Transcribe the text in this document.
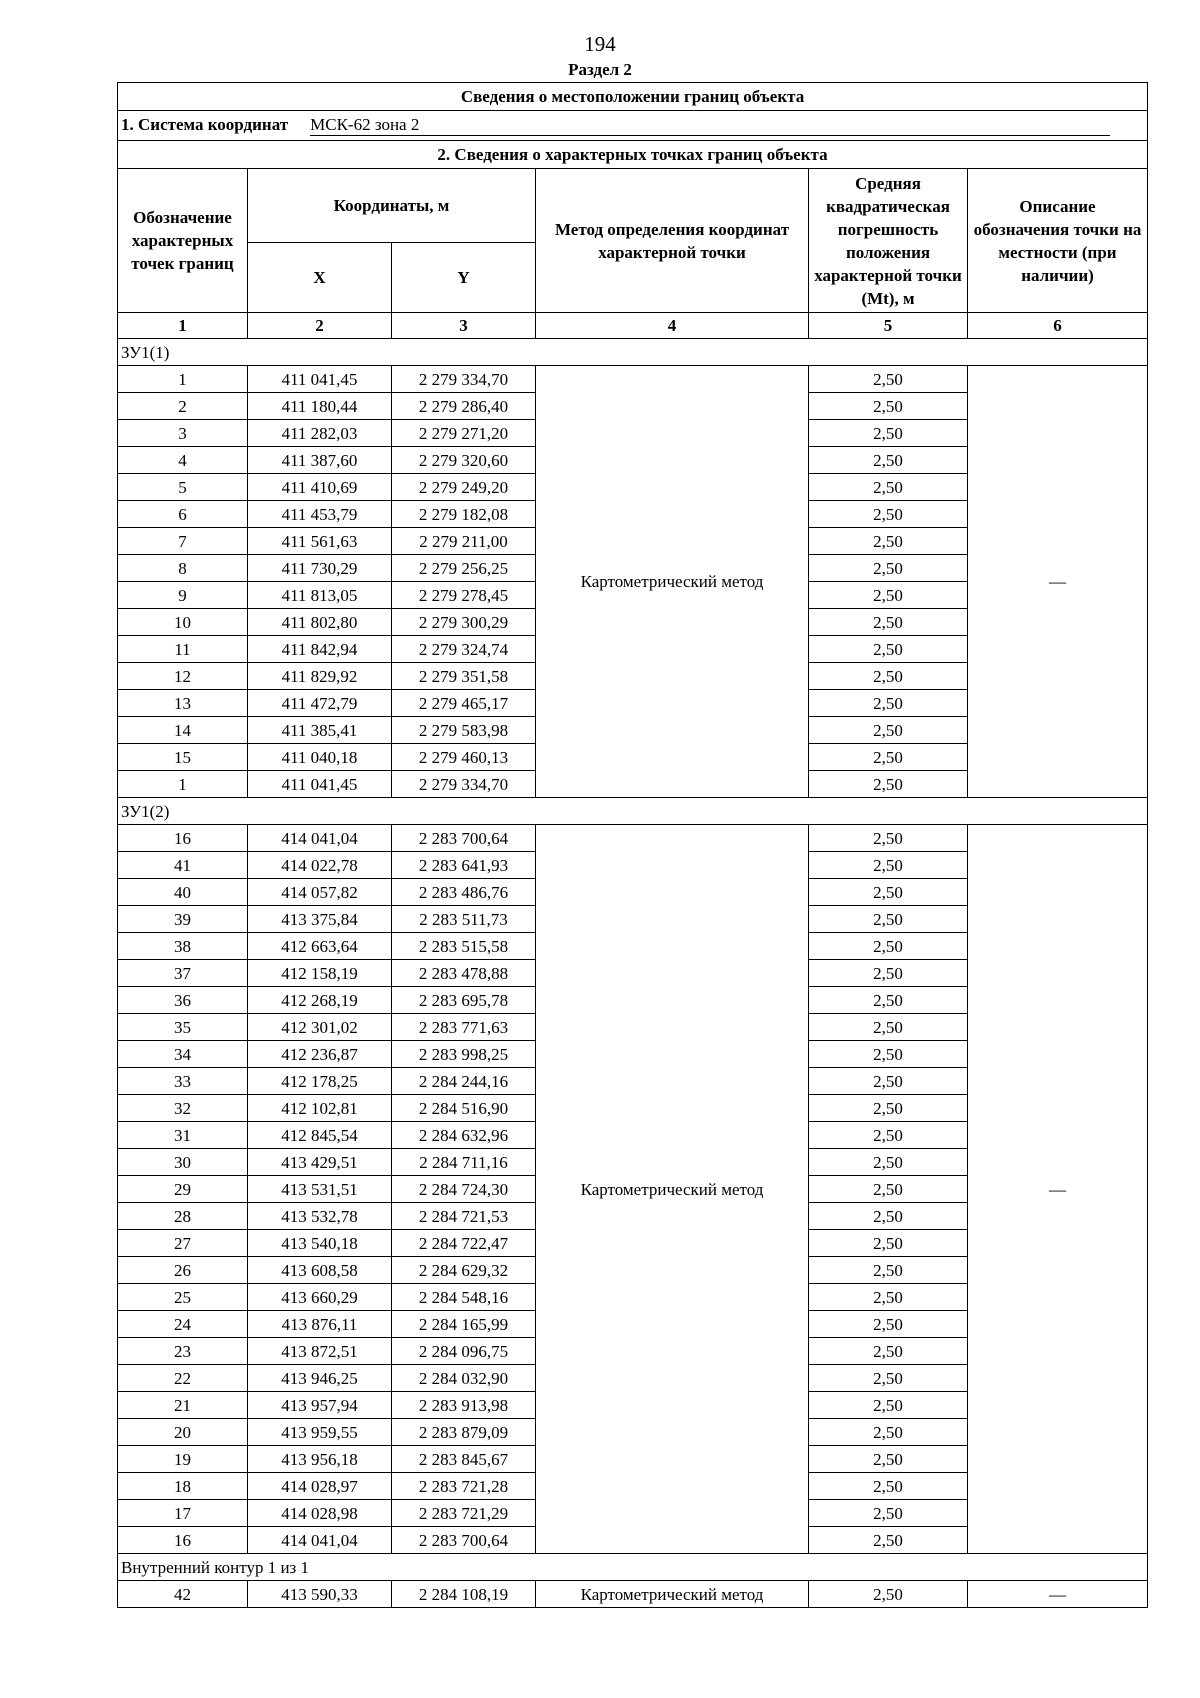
194
Раздел 2
Сведения о местоположении границ объекта					
1. Система координат МСК-62 зона 2					
2. Сведения о характерных точках границ объекта					
Обозначение характерных точек границ	Координаты, м		Метод определения координат характерной точки	Средняя квадратическая погрешность положения характерной точки (Mt), м	Описание обозначения точки на местности (при наличии)
	X	Y			
1	2	3	4	5	6
ЗУ1(1)					
1	411 041,45	2 279 334,70	Картометрический метод	2,50	—
2	411 180,44	2 279 286,40		2,50	
3	411 282,03	2 279 271,20		2,50	
4	411 387,60	2 279 320,60		2,50	
5	411 410,69	2 279 249,20		2,50	
6	411 453,79	2 279 182,08		2,50	
7	411 561,63	2 279 211,00		2,50	
8	411 730,29	2 279 256,25		2,50	
9	411 813,05	2 279 278,45		2,50	
10	411 802,80	2 279 300,29		2,50	
11	411 842,94	2 279 324,74		2,50	
12	411 829,92	2 279 351,58		2,50	
13	411 472,79	2 279 465,17		2,50	
14	411 385,41	2 279 583,98		2,50	
15	411 040,18	2 279 460,13		2,50	
1	411 041,45	2 279 334,70		2,50	
ЗУ1(2)					
16	414 041,04	2 283 700,64	Картометрический метод	2,50	—
41	414 022,78	2 283 641,93		2,50	
40	414 057,82	2 283 486,76		2,50	
39	413 375,84	2 283 511,73		2,50	
38	412 663,64	2 283 515,58		2,50	
37	412 158,19	2 283 478,88		2,50	
36	412 268,19	2 283 695,78		2,50	
35	412 301,02	2 283 771,63		2,50	
34	412 236,87	2 283 998,25		2,50	
33	412 178,25	2 284 244,16		2,50	
32	412 102,81	2 284 516,90		2,50	
31	412 845,54	2 284 632,96		2,50	
30	413 429,51	2 284 711,16		2,50	
29	413 531,51	2 284 724,30		2,50	
28	413 532,78	2 284 721,53		2,50	
27	413 540,18	2 284 722,47		2,50	
26	413 608,58	2 284 629,32		2,50	
25	413 660,29	2 284 548,16		2,50	
24	413 876,11	2 284 165,99		2,50	
23	413 872,51	2 284 096,75		2,50	
22	413 946,25	2 284 032,90		2,50	
21	413 957,94	2 283 913,98		2,50	
20	413 959,55	2 283 879,09		2,50	
19	413 956,18	2 283 845,67		2,50	
18	414 028,97	2 283 721,28		2,50	
17	414 028,98	2 283 721,29		2,50	
16	414 041,04	2 283 700,64		2,50	
Внутренний контур 1 из 1					
42	413 590,33	2 284 108,19	Картометрический метод	2,50	—
